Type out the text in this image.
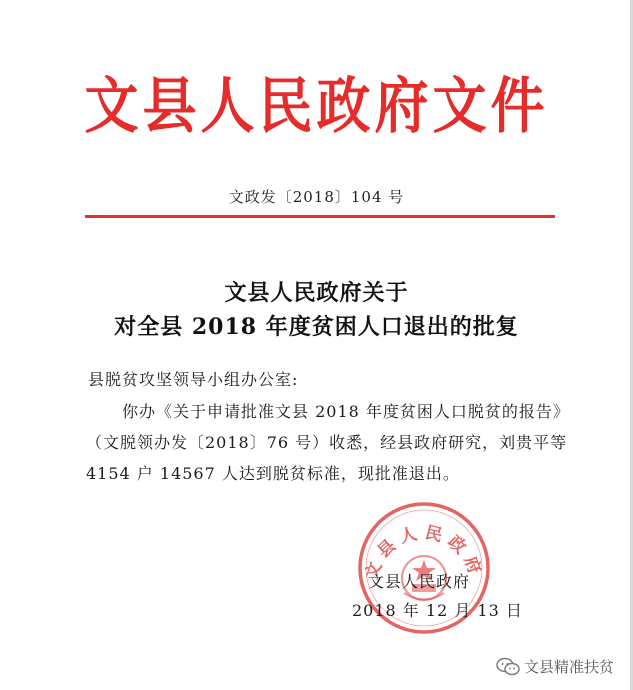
文县人民政府文件
文政发〔2018〕104 号
文县人民政府关于
对全县 2018 年度贫困人口退出的批复
县脱贫攻坚领导小组办公室:
你办《关于申请批准文县 2018 年度贫困人口脱贫的报告》
（文脱领办发〔2018〕76 号）收悉，经县政府研究，刘贵平等
4154 户 14567 人达到脱贫标准，现批准退出。
文县人民政府
文县人民政府
2018 年 12 月 13 日
文县精准扶贫
